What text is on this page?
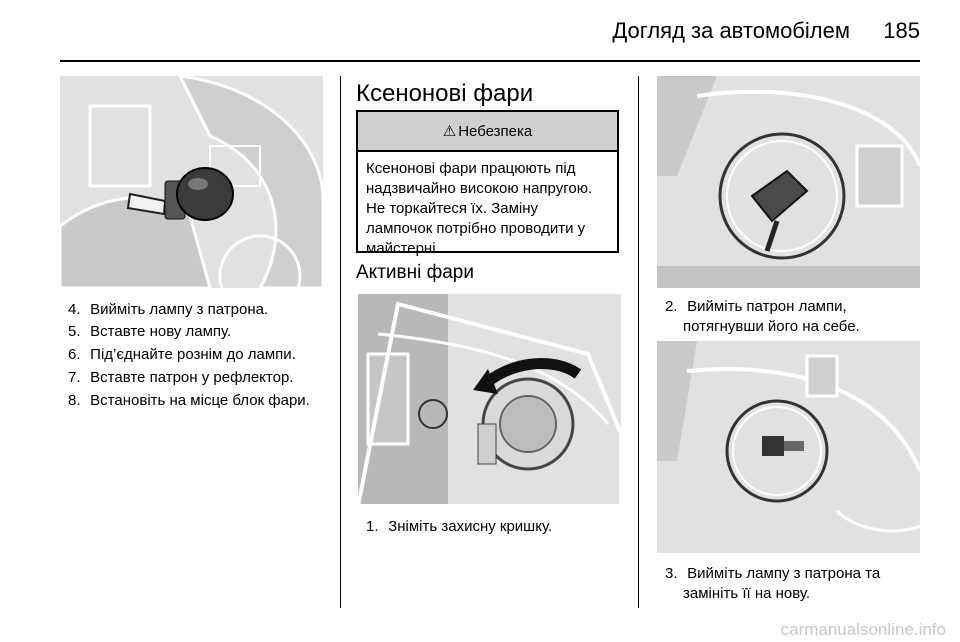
Догляд за автомобілем	185
4. Вийміть лампу з патрона.
5. Вставте нову лампу.
6. Під’єднайте рознім до лампи.
7. Вставте патрон у рефлектор.
8. Встановіть на місце блок фари.
Ксенонові фари
⚠ Небезпека
Ксенонові фари працюють під
надзвичайно високою напругою.
Не торкайтеся їх. Заміну
лампочок потрібно проводити у
майстерні.
Активні фари
1. Зніміть захисну кришку.
2. Вийміть патрон лампи,
потягнувши його на себе.
3. Вийміть лампу з патрона та
замініть її на нову.
carmanualsonline.info
